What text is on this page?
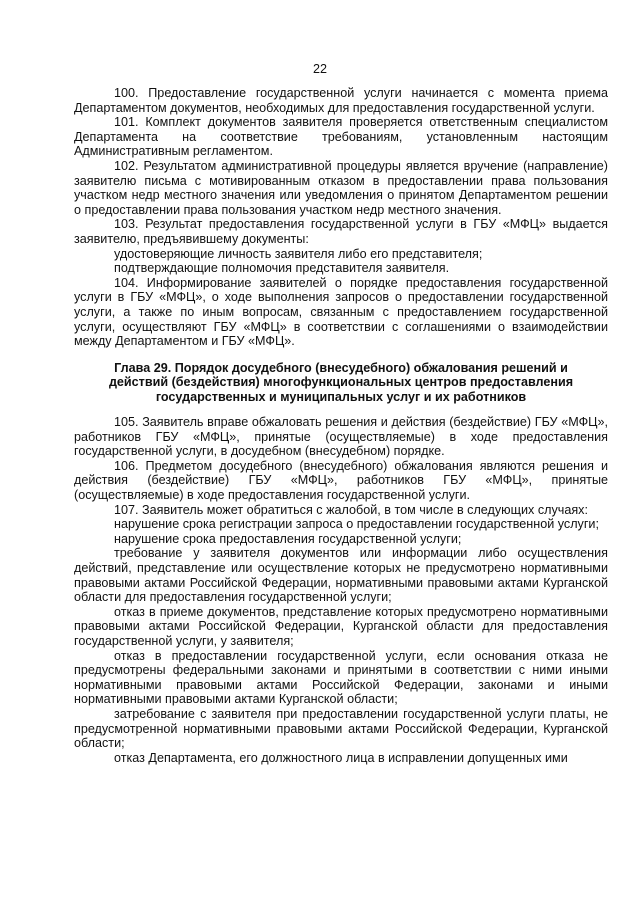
22

100. Предоставление государственной услуги начинается с момента приема Департаментом документов, необходимых для предоставления государственной услуги.

101. Комплект документов заявителя проверяется ответственным специалистом Департамента на соответствие требованиям, установленным настоящим Административным регламентом.

102. Результатом административной процедуры является вручение (направление) заявителю письма с мотивированным отказом в предоставлении права пользования участком недр местного значения или уведомления о принятом Департаментом решении о предоставлении права пользования участком недр местного значения.

103. Результат предоставления государственной услуги в ГБУ «МФЦ» выдается заявителю, предъявившему документы:

удостоверяющие личность заявителя либо его представителя;

подтверждающие полномочия представителя заявителя.

104. Информирование заявителей о порядке предоставления государственной услуги в ГБУ «МФЦ», о ходе выполнения запросов о предоставлении государственной услуги, а также по иным вопросам, связанным с предоставлением государственной услуги, осуществляют ГБУ «МФЦ» в соответствии с соглашениями о взаимодействии между Департаментом и ГБУ «МФЦ».

Глава 29. Порядок досудебного (внесудебного) обжалования решений и действий (бездействия) многофункциональных центров предоставления государственных и муниципальных услуг и их работников

105. Заявитель вправе обжаловать решения и действия (бездействие) ГБУ «МФЦ», работников ГБУ «МФЦ», принятые (осуществляемые) в ходе предоставления государственной услуги, в досудебном (внесудебном) порядке.

106. Предметом досудебного (внесудебного) обжалования являются решения и действия (бездействие) ГБУ «МФЦ», работников ГБУ «МФЦ», принятые (осуществляемые) в ходе предоставления государственной услуги.

107. Заявитель может обратиться с жалобой, в том числе в следующих случаях:

нарушение срока регистрации запроса о предоставлении государственной услуги;

нарушение срока предоставления государственной услуги;

требование у заявителя документов или информации либо осуществления действий, представление или осуществление которых не предусмотрено нормативными правовыми актами Российской Федерации, нормативными правовыми актами Курганской области для предоставления государственной услуги;

отказ в приеме документов, представление которых предусмотрено нормативными правовыми актами Российской Федерации, Курганской области для предоставления государственной услуги, у заявителя;

отказ в предоставлении государственной услуги, если основания отказа не предусмотрены федеральными законами и принятыми в соответствии с ними иными нормативными правовыми актами Российской Федерации, законами и иными нормативными правовыми актами Курганской области;

затребование с заявителя при предоставлении государственной услуги платы, не предусмотренной нормативными правовыми актами Российской Федерации, Курганской области;

отказ Департамента, его должностного лица в исправлении допущенных ими
